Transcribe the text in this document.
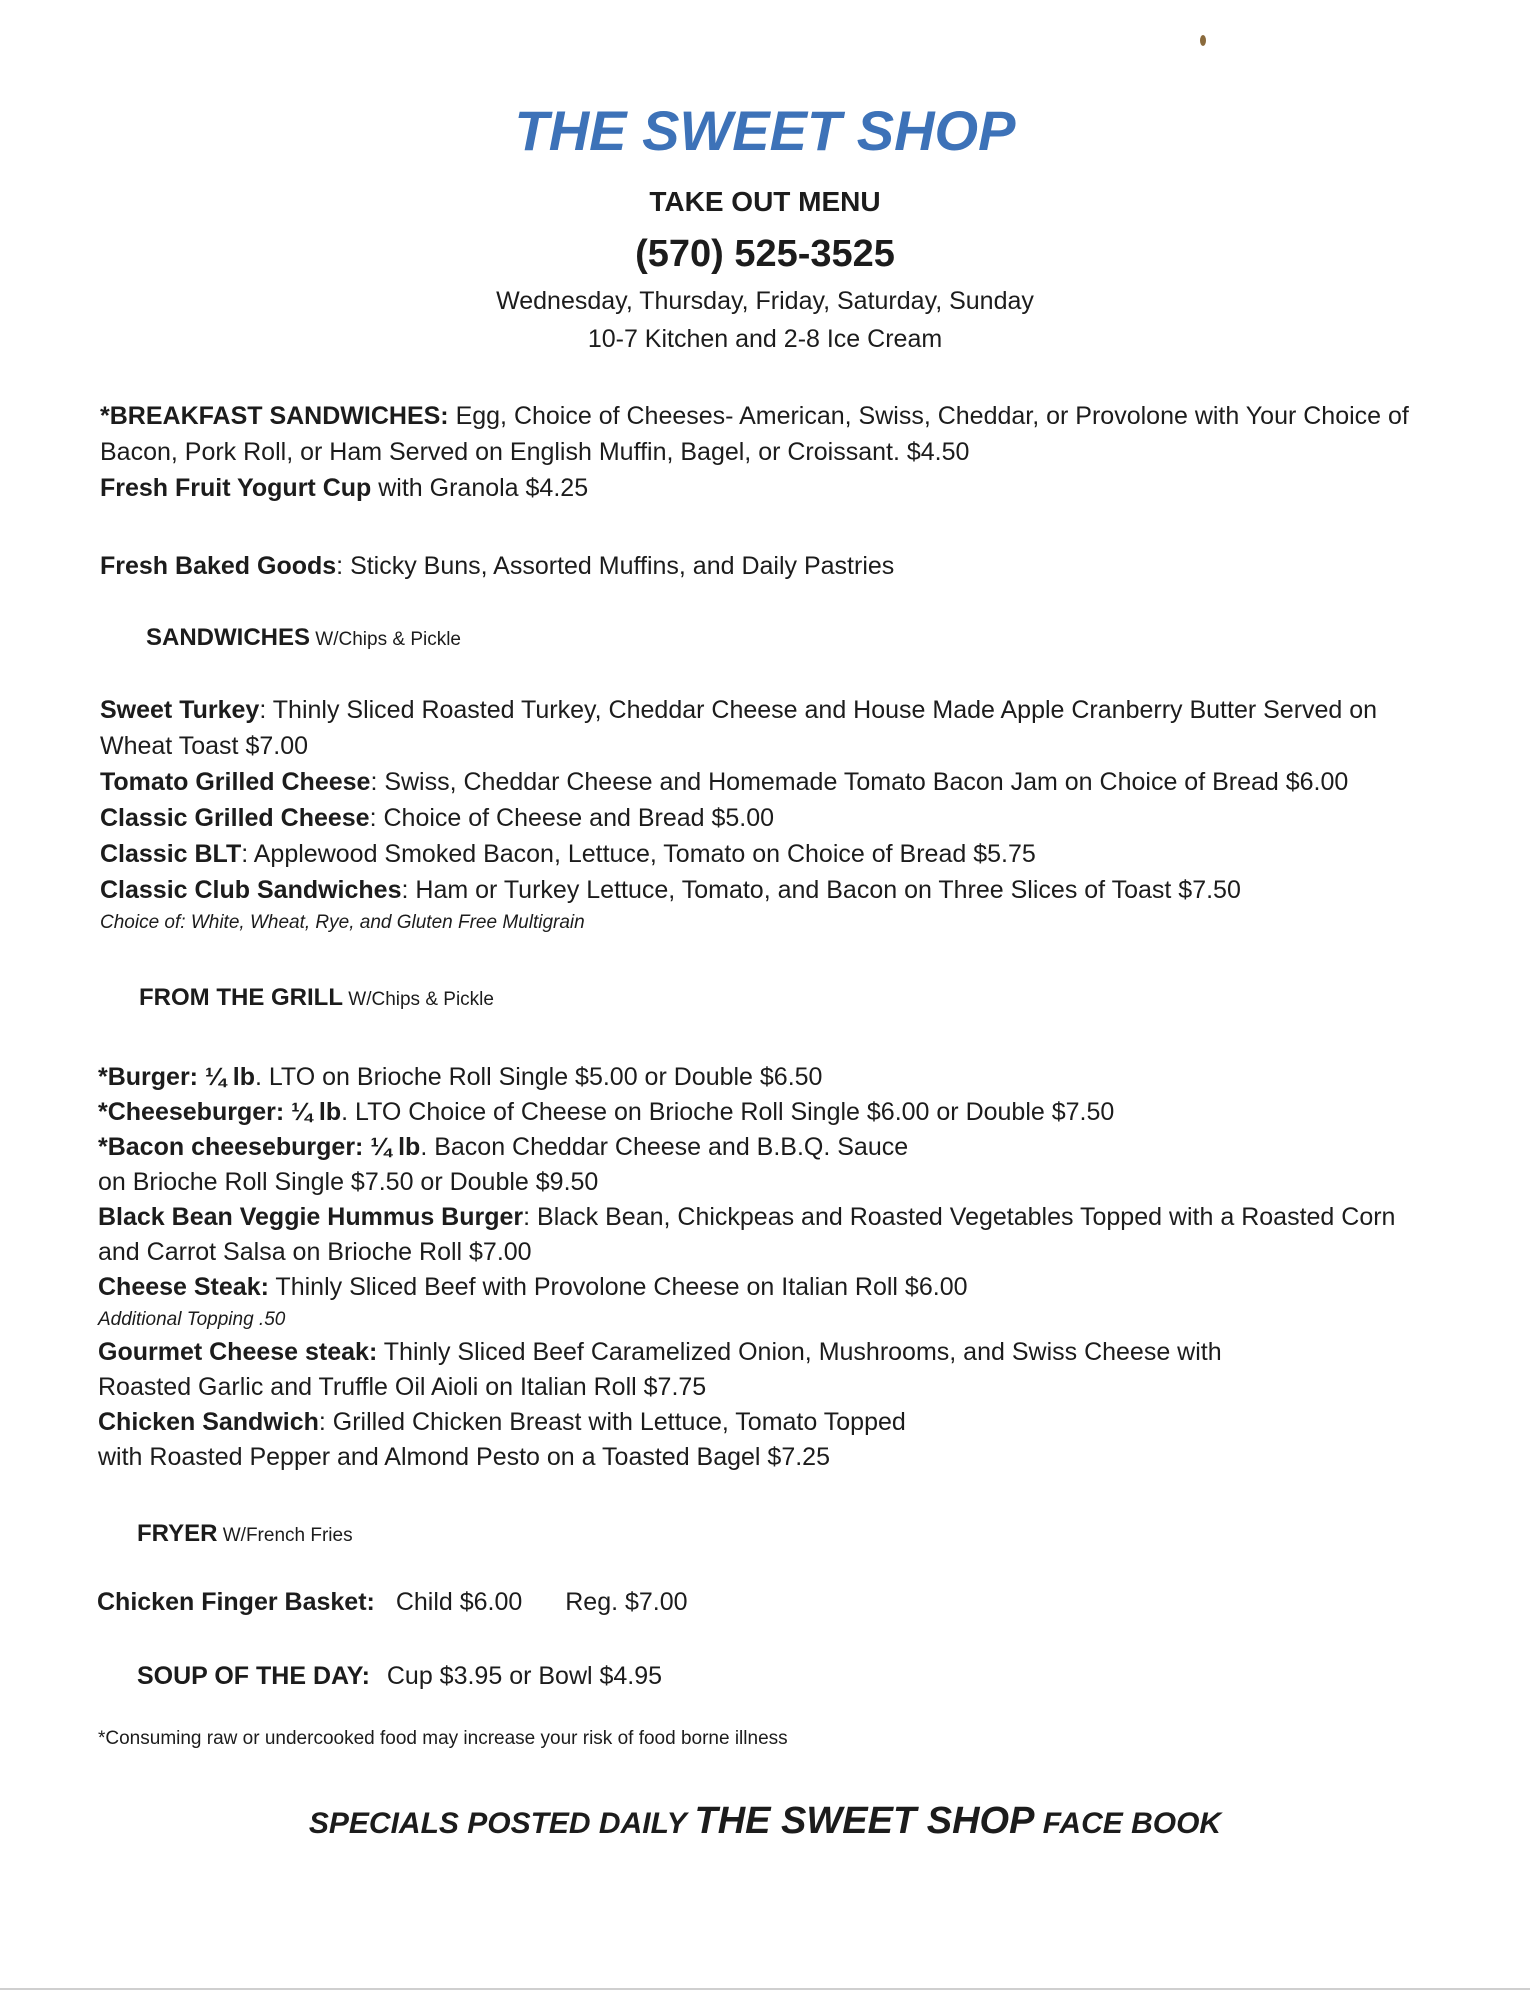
THE SWEET SHOP
TAKE OUT MENU
(570) 525-3525
Wednesday, Thursday, Friday, Saturday, Sunday
10-7 Kitchen and 2-8 Ice Cream

*BREAKFAST SANDWICHES: Egg, Choice of Cheeses- American, Swiss, Cheddar, or Provolone with Your Choice of Bacon, Pork Roll, or Ham Served on English Muffin, Bagel, or Croissant. $4.50

Fresh Fruit Yogurt Cup with Granola $4.25

Fresh Baked Goods: Sticky Buns, Assorted Muffins, and Daily Pastries

SANDWICHES W/Chips & Pickle

Sweet Turkey: Thinly Sliced Roasted Turkey, Cheddar Cheese and House Made Apple Cranberry Butter Served on Wheat Toast $7.00

Tomato Grilled Cheese: Swiss, Cheddar Cheese and Homemade Tomato Bacon Jam on Choice of Bread $6.00

Classic Grilled Cheese: Choice of Cheese and Bread $5.00

Classic BLT: Applewood Smoked Bacon, Lettuce, Tomato on Choice of Bread $5.75

Classic Club Sandwiches: Ham or Turkey Lettuce, Tomato, and Bacon on Three Slices of Toast $7.50

Choice of: White, Wheat, Rye, and Gluten Free Multigrain
FROM THE GRILL W/Chips & Pickle

*Burger: ¼ lb. LTO on Brioche Roll Single $5.00 or Double $6.50

*Cheeseburger: ¼ lb. LTO Choice of Cheese on Brioche Roll Single $6.00 or Double $7.50

*Bacon cheeseburger: ¼ lb. Bacon Cheddar Cheese and B.B.Q. Sauce

on Brioche Roll Single $7.50 or Double $9.50

Black Bean Veggie Hummus Burger: Black Bean, Chickpeas and Roasted Vegetables Topped with a Roasted Corn and Carrot Salsa on Brioche Roll $7.00

Cheese Steak: Thinly Sliced Beef with Provolone Cheese on Italian Roll $6.00

Additional Topping .50

Gourmet Cheese steak: Thinly Sliced Beef Caramelized Onion, Mushrooms, and Swiss Cheese with

Roasted Garlic and Truffle Oil Aioli on Italian Roll $7.75

Chicken Sandwich: Grilled Chicken Breast with Lettuce, Tomato Topped

with Roasted Pepper and Almond Pesto on a Toasted Bagel $7.25

FRYER W/French Fries
Chicken Finger Basket: Child $6.00 Reg. $7.00
SOUP OF THE DAY: Cup $3.95 or Bowl $4.95
*Consuming raw or undercooked food may increase your risk of food borne illness
SPECIALS POSTED DAILY THE SWEET SHOP FACE BOOK
